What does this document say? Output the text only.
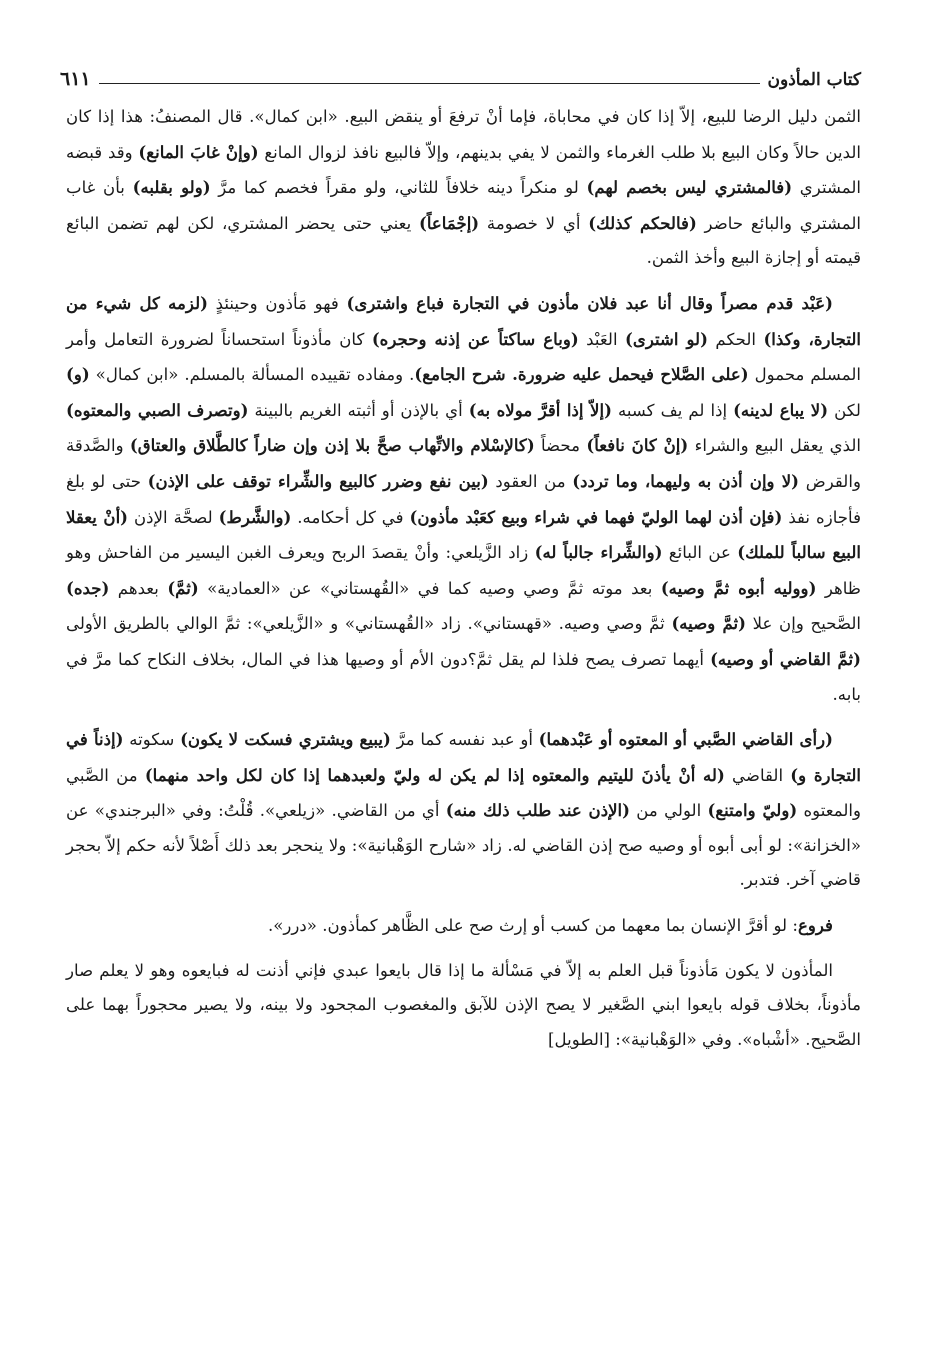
كتاب المأذون
٦١١

الثمن دليل الرضا للبيع، إلاّ إذا كان في محاباة، فإما أنْ ترفعَ أو ينقض البيع. «ابن كمال». قال المصنفُ: هذا إذا كان الدين حالاً وكان البيع بلا طلب الغرماء والثمن لا يفي بدينهم، وإلاّ فالبيع نافذ لزوال المانع (وإنْ غابَ المانع) وقد قبضه المشتري (فالمشتري ليس بخصم لهم) لو منكراً دينه خلافاً للثاني، ولو مقراً فخصم كما مرَّ (ولو بقلبه) بأن غاب المشتري والبائع حاضر (فالحكم كذلك) أي لا خصومة (إجْمَاعاً) يعني حتى يحضر المشتري، لكن لهم تضمن البائع قيمته أو إجازة البيع وأخذ الثمن.

(عَبْد قدم مصراً وقال أنا عبد فلان مأذون في التجارة فباع واشترى) فهو مَأذون وحينئذٍ (لزمه كل شيء من التجارة، وكذا) الحكم (لو اشترى) العَبْد (وباع ساكتاً عن إذنه وحجره) كان مأذوناً استحساناً لضرورة التعامل وأمر المسلم محمول (على الصَّلاح فيحمل عليه ضرورة. شرح الجامع). ومفاده تقييده المسألة بالمسلم. «ابن كمال» (و) لكن (لا يباع لدينه) إذا لم يف كسبه (إلاّ إذا أقرَّ مولاه به) أي بالإذن أو أثبته الغريم بالبينة (وتصرف الصبي والمعتوه) الذي يعقل البيع والشراء (إنْ كانَ نافعاً) محضاً (كالإسْلام والاتِّهاب صحَّ بلا إذن وإن ضاراً كالطَّلاق والعتاق) والصَّدقة والقرض (لا وإن أذن به وليهما، وما تردد) من العقود (بين نفع وضرر كالبيع والشِّراء توقف على الإذن) حتى لو بلغ فأجازه نفذ (فإن أذن لهما الوليّ فهما في شراء وبيع كعَبْد مأذون) في كل أحكامه. (والشَّرط) لصحَّة الإذن (أنْ يعقلا البيع سالباً للملك) عن البائع (والشِّراء جالباً له) زاد الزَّيلعي: وأنْ يقصدَ الربح ويعرف الغبن اليسير من الفاحش وهو ظاهر (ووليه أبوه ثمَّ وصيه) بعد موته ثمَّ وصي وصيه كما في «القُهستاني» عن «العمادية» (ثمَّ) بعدهم (جده) الصَّحيح وإن علا (ثمَّ وصيه) ثمَّ وصي وصيه. «قهستاني». زاد «القُهستاني» و «الزَّيلعي»: ثمَّ الوالي بالطريق الأولى (ثمَّ القاضي أو وصيه) أيهما تصرف يصح فلذا لم يقل ثمَّ؟دون الأم أو وصيها هذا في المال، بخلاف النكاح كما مرَّ في بابه.

(رأى القاضي الصَّبي أو المعتوه أو عَبْدهما) أو عبد نفسه كما مرَّ (يبيع ويشتري فسكت لا يكون) سكوته (إذناً في التجارة و) القاضي (له أنْ يأذنَ لليتيم والمعتوه إذا لم يكن له وليّ ولعبدهما إذا كان لكل واحد منهما) من الصَّبي والمعتوه (وليّ وامتنع) الولي من (الإذن عند طلب ذلك منه) أي من القاضي. «زيلعي». قُلْتُ: وفي «البرجندي» عن «الخزانة»: لو أبى أبوه أو وصيه صح إذن القاضي له. زاد «شارح الوَهْبانية»: ولا ينحجر بعد ذلك أَصْلاً لأنه حكم إلاّ بحجر قاضي آخر. فتدبر.

فروع: لو أقرَّ الإنسان بما معهما من كسب أو إرث صح على الظَّاهر كمأذون. «درر».

المأذون لا يكون مَأذوناً قبل العلم به إلاّ في مَسْألة ما إذا قال بايعوا عبدي فإني أذنت له فبايعوه وهو لا يعلم صار مأذوناً، بخلاف قوله بايعوا ابني الصَّغير لا يصح الإذن للآبق والمغصوب المجحود ولا بينه، ولا يصير محجوراً بهما على الصَّحيح. «أشْباه». وفي «الوَهْبانية»: [الطويل]
